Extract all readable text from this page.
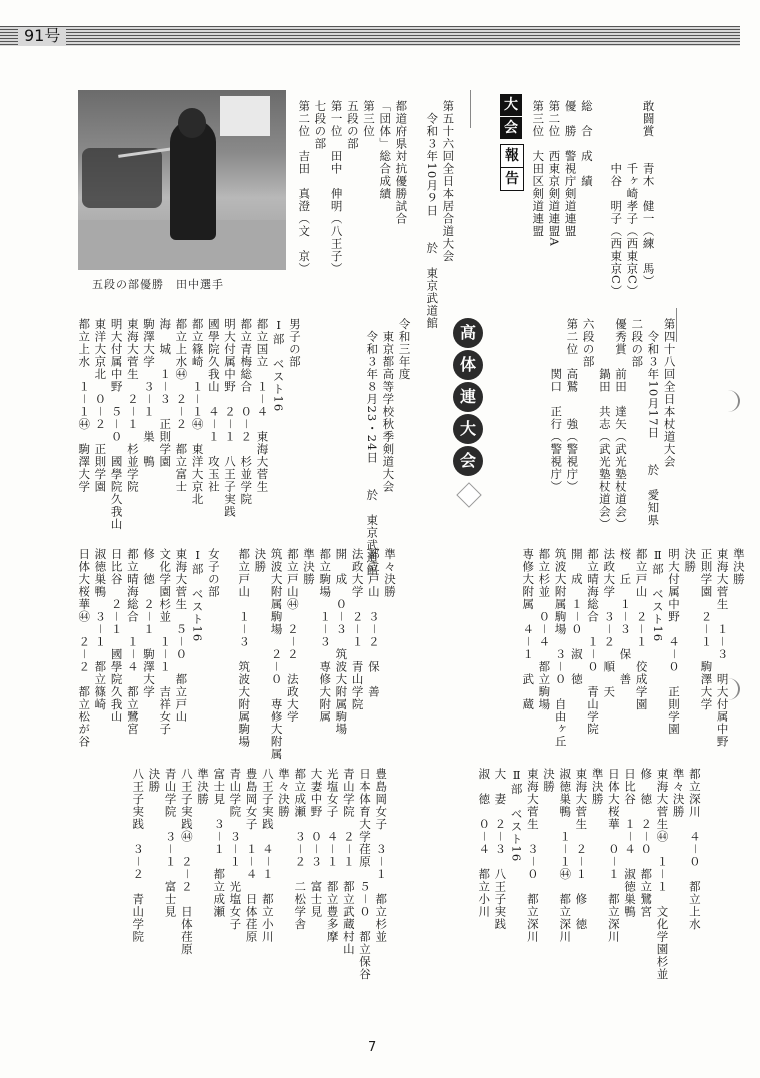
91号
五段の部優勝　田中選手
大
会
報
告
敢闘賞　　青木　健一（練　馬）
　　　　　千ヶ崎孝子（西東京C）
　　　　　中谷　明子（西東京C）
総　合　成　績
優　勝　警視庁剣道連盟
第二位　西東京剣道連盟A
第三位　大田区剣道連盟
第五十六回全日本居合道大会
　令和３年10月９日　　於　東京武道館
都道府県対抗優勝試合
「団体」総合成績
第三位
五段の部
第一位　田中　伸明（八王子）
七段の部
第二位　吉田　真澄（文　京）
第四十八回全日本杖道大会
　令和３年10月17日　　於　愛知県
二段の部
優秀賞　前田　達矢（武光塾杖道会）
　　　　鍋田　共志（武光塾杖道会）
六段の部
第二位　高鷲　　強（警視庁）
　　　　関口　正行（警視庁）
高
体
連
大
会
令和三年度
　東京都高等学校秋季剣道大会
　令和３年８月23・24日　　於　東京武道館
男子の部
Ⅰ部　ベスト16
都立国立　１－４　東海大菅生
都立青梅総合　０－２　杉並学院
明大付属中野　２－１　八王子実践
國學院久我山　４－１　攻玉社
都立篠崎　１－１㊹　東洋大京北
都立上水㊹　２－２　都立富士
海　城　１－３　正則学園
駒澤大学　３－１　巣　鴨
東海大菅生　２－１　杉並学院
明大付属中野　５－０　國學院久我山
東洋大京北　０－２　正則学園
都立上水　１－１㊹　駒澤大学
準決勝
東海大菅生　１－３　明大付属中野
正則学園　２－１　駒澤大学
決勝
明大付属中野　４－０　正則学園
Ⅱ部　ベスト16
都立戸山　２－１　佼成学園
桜　丘　１－３　保　善
法政大学　３－２　順　天
都立晴海総合　１－０　青山学院
開　成　１－０　淑　徳
筑波大附属駒場　３－０　自由ヶ丘
都立杉並　０－４　都立駒場
専修大附属　４－１　武　蔵
準々決勝
都立戸山　３－２　保　善
法政大学　２－１　青山学院
開　成　０－３　筑波大附属駒場
都立駒場　１－３　専修大附属
準決勝
都立戸山㊹　２－２　法政大学
筑波大附属駒場　２－０　専修大附属
決勝
都立戸山　１－３　筑波大附属駒場
女子の部
Ⅰ部　ベスト16
東海大菅生　５－０　都立戸山
文化学園杉並　１－１　吉祥女子
修　徳　２－１　駒澤大学
都立晴海総合　１－４　都立鷺宮
日比谷　２－１　國學院久我山
淑徳巣鴨　３－１　都立篠崎
日体大桜華㊹　２－２　都立松が谷
都立深川　４－０　都立上水
準々決勝
東海大菅生㊹　１－１　文化学園杉並
修　徳　２－０　都立鷺宮
日比谷　１－４　淑徳巣鴨
日体大桜華　０－１　都立深川
準決勝
東海大菅生　２－１　修　徳
淑徳巣鴨　１－１㊹　都立深川
決勝
東海大菅生　３－０　都立深川
Ⅱ部　ベスト16
大　妻　２－３　八王子実践
淑　徳　０－４　都立小川
豊島岡女子　３－１　都立杉並
日本体育大学荏原　５－０　都立保谷
青山学院　２－１　都立武蔵村山
光塩女子　４－１　都立豊多摩
大妻中野　０－３　富士見
都立成瀬　３－２　二松学舎
準々決勝
八王子実践　４－１　都立小川
豊島岡女子　１－４　日体荏原
青山学院　３－１　光塩女子
富士見　３－１　都立成瀬
準決勝
八王子実践㊹　２－２　日体荏原
青山学院　３－１　富士見
決勝
八王子実践　３－２　青山学院
7
